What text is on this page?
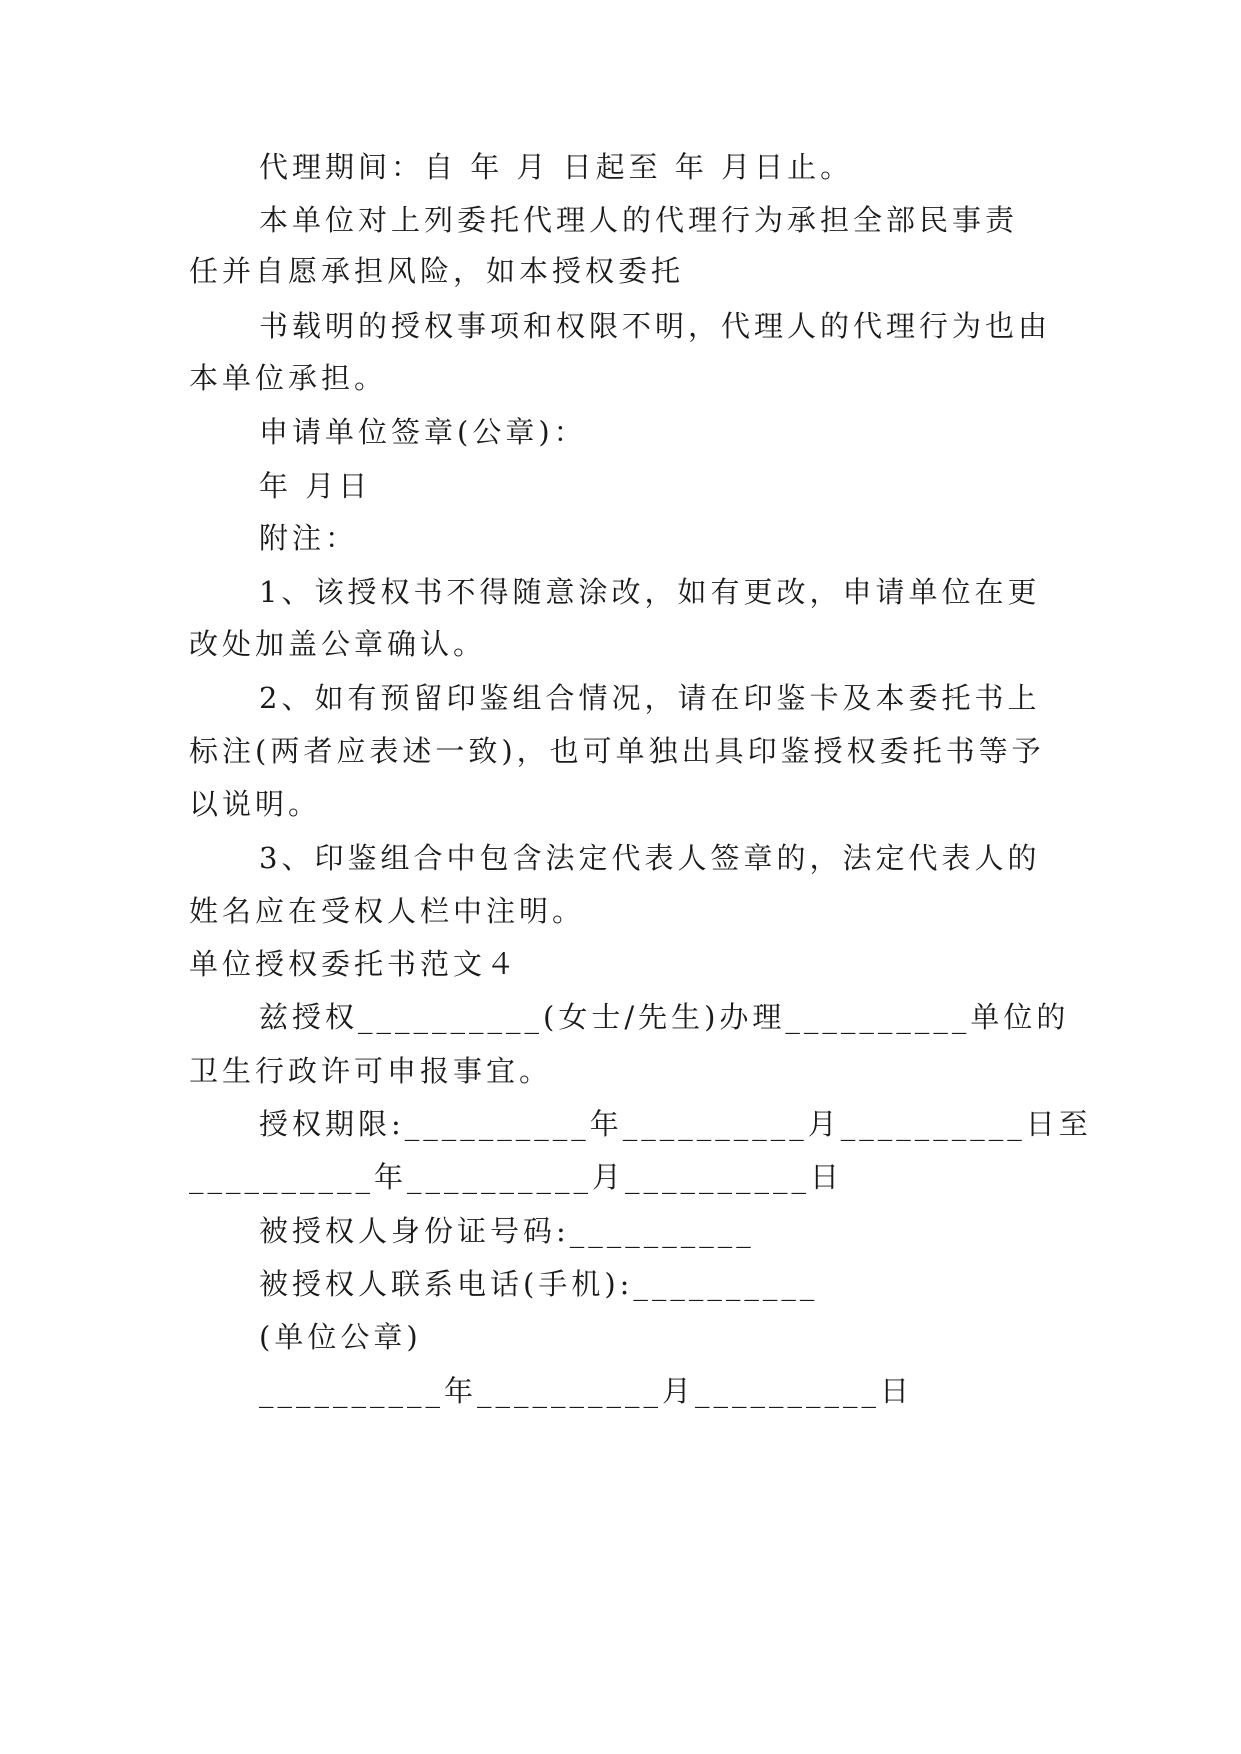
代理期间：自 年 月 日起至 年 月日止。
本单位对上列委托代理人的代理行为承担全部民事责
任并自愿承担风险，如本授权委托
书载明的授权事项和权限不明，代理人的代理行为也由
本单位承担。
申请单位签章(公章)：
年 月日
附注：
1、该授权书不得随意涂改，如有更改，申请单位在更
改处加盖公章确认。
2、如有预留印鉴组合情况，请在印鉴卡及本委托书上
标注(两者应表述一致)，也可单独出具印鉴授权委托书等予
以说明。
3、印鉴组合中包含法定代表人签章的，法定代表人的
姓名应在受权人栏中注明。
单位授权委托书范文４
兹授权__________(女士/先生)办理__________单位的
卫生行政许可申报事宜。
授权期限:__________年__________月__________日至
__________年__________月__________日
被授权人身份证号码:__________
被授权人联系电话(手机):__________
(单位公章)
__________年__________月__________日
